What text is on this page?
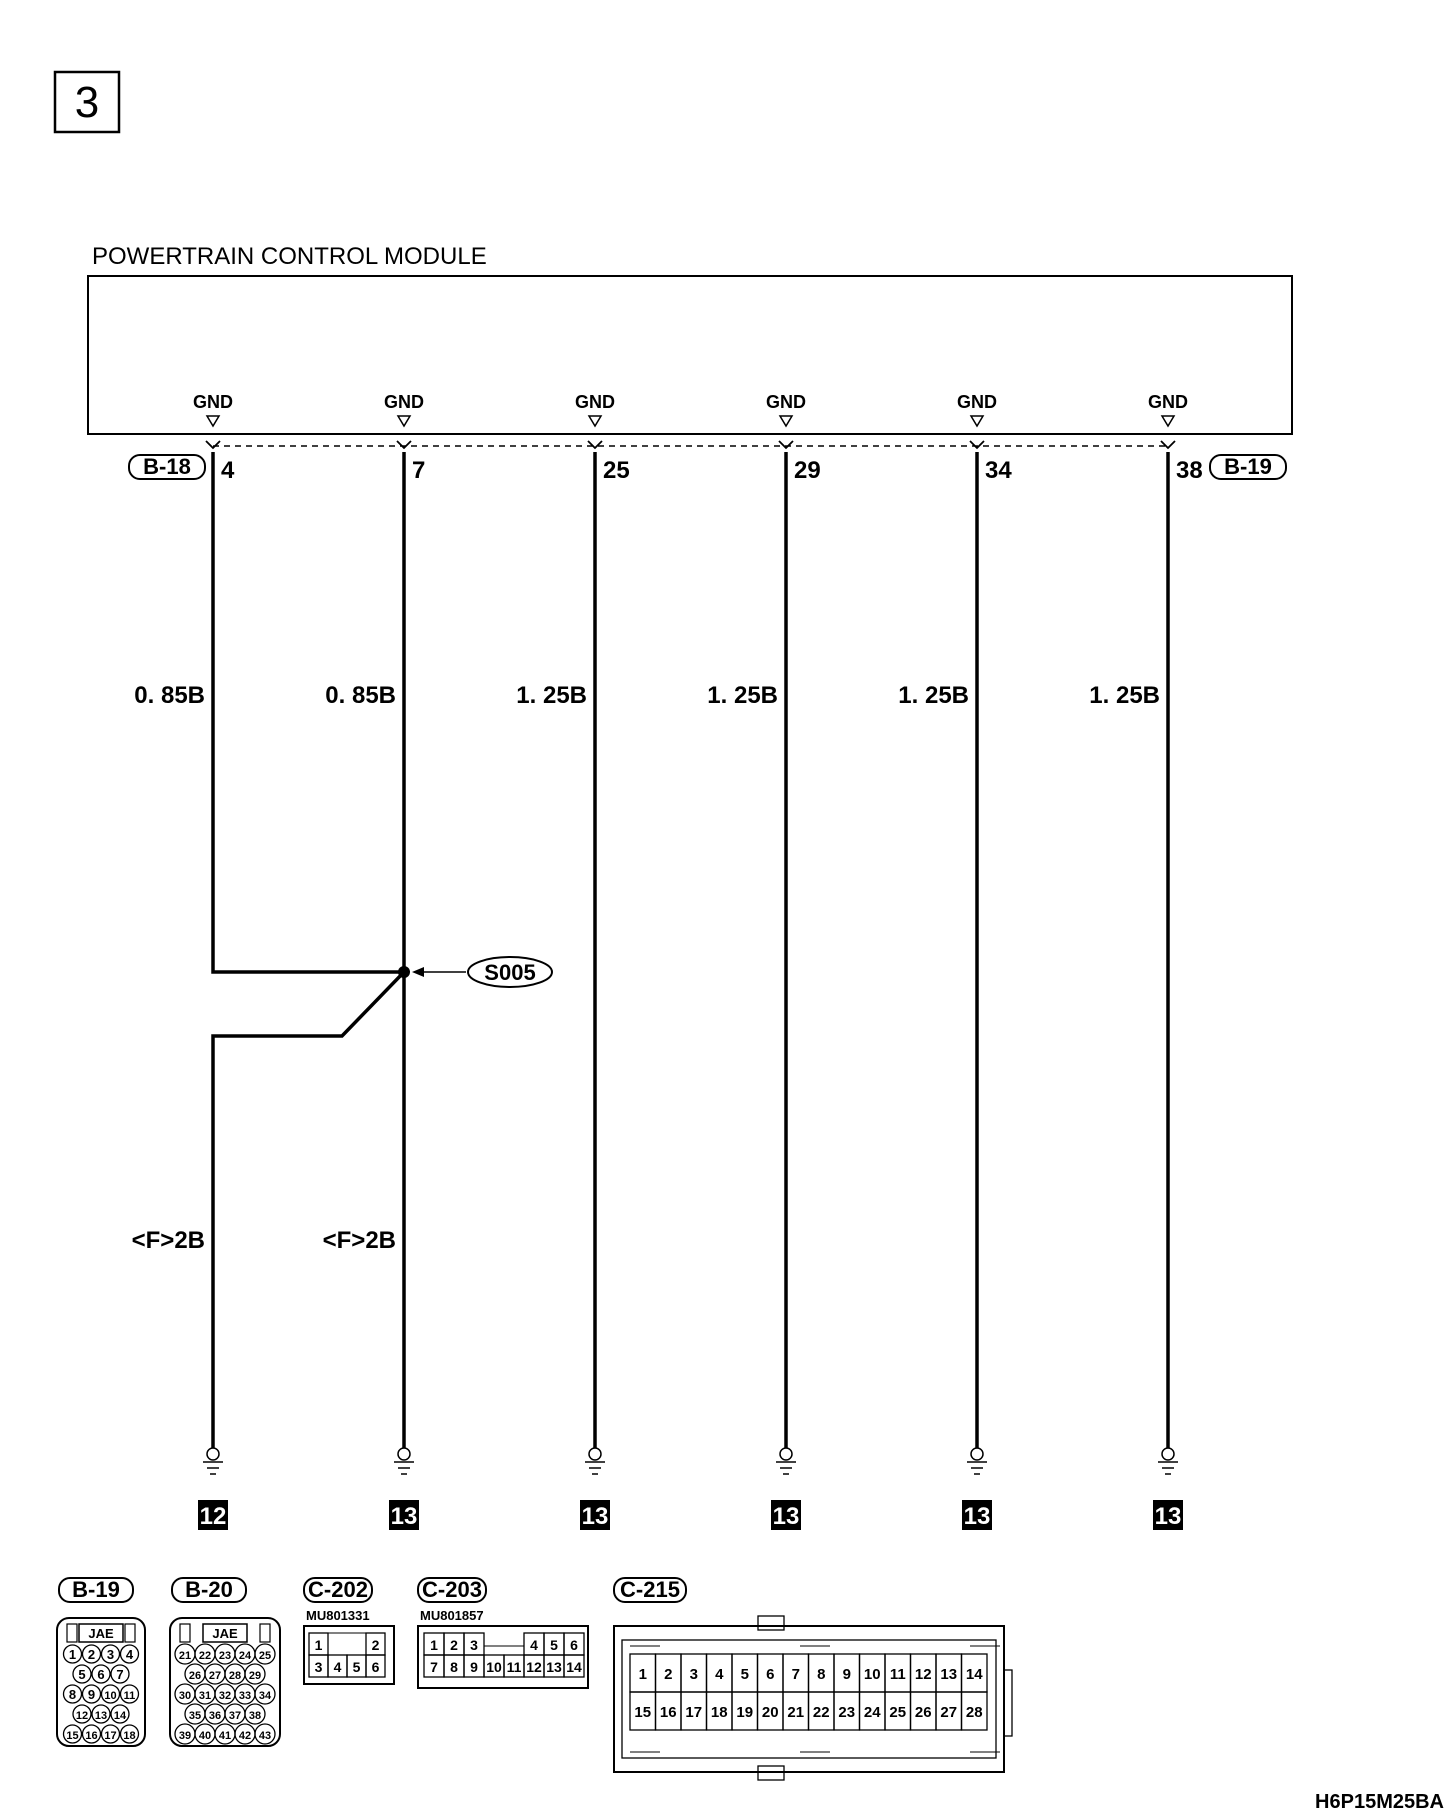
3
POWERTRAIN CONTROL MODULE
B-18	B-19
GND
4
0. 85B
<F>2B
12
GND
7
0. 85B
<F>2B
13
GND
25
1. 25B
13
GND
29
1. 25B
13
GND
34
1. 25B
13
GND
38
1. 25B
13
S005
B-19
JAE
1 2 3 4
5 6 7
8 9 10 11
12 13 14
15 16 17 18
B-20
JAE
21 22 23 24 25
26 27 28 29
30 31 32 33 34
35 36 37 38
39 40 41 42 43
C-202
MU801331
1	2
3 4 5 6
C-203
MU801857
1 2 3	4 5 6
7 8 9 10 11 12 13 14
C-215
1 2 3 4 5 6 7 8 9 10 11 12 13 14
15 16 17 18 19 20 21 22 23 24 25 26 27 28
H6P15M25BA
